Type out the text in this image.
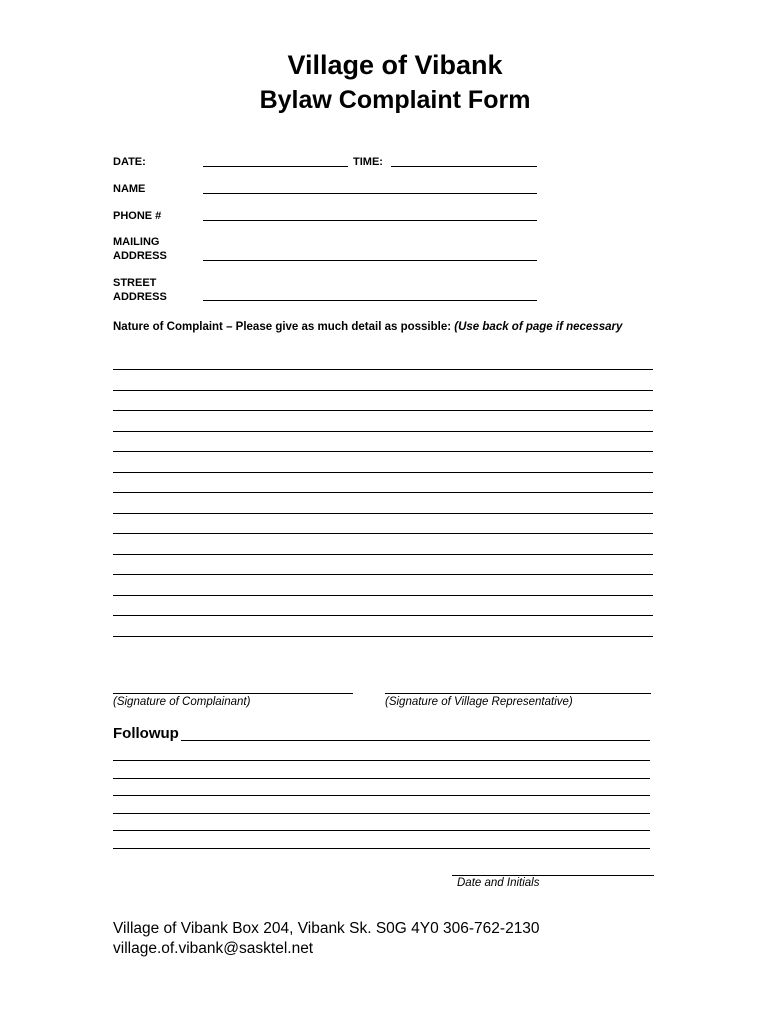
Village of Vibank
Bylaw Complaint Form
DATE:	TIME:
NAME
PHONE #
MAILING
ADDRESS
STREET
ADDRESS
Nature of Complaint – Please give as much detail as possible: (Use back of page if necessary
(Signature of Complainant)	(Signature of Village Representative)
Followup
Date and Initials
Village of Vibank Box 204, Vibank Sk. S0G 4Y0 306-762-2130
village.of.vibank@sasktel.net
